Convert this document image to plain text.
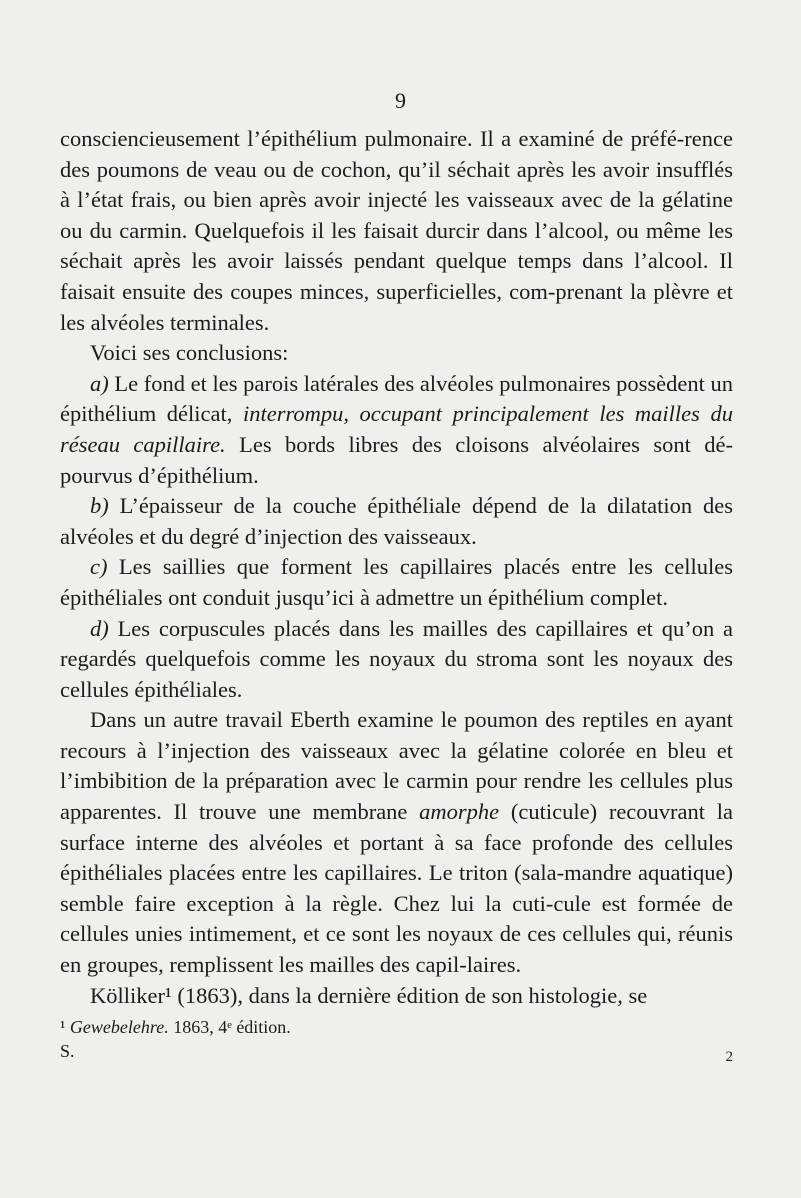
9

consciencieusement l’épithélium pulmonaire. Il a examiné de préfé-rence des poumons de veau ou de cochon, qu’il séchait après les avoir insufflés à l’état frais, ou bien après avoir injecté les vaisseaux avec de la gélatine ou du carmin. Quelquefois il les faisait durcir dans l’alcool, ou même les séchait après les avoir laissés pendant quelque temps dans l’alcool. Il faisait ensuite des coupes minces, superficielles, com-prenant la plèvre et les alvéoles terminales.

Voici ses conclusions:

a) Le fond et les parois latérales des alvéoles pulmonaires possèdent un épithélium délicat, interrompu, occupant principalement les mailles du réseau capillaire. Les bords libres des cloisons alvéolaires sont dé-pourvus d’épithélium.

b) L’épaisseur de la couche épithéliale dépend de la dilatation des alvéoles et du degré d’injection des vaisseaux.

c) Les saillies que forment les capillaires placés entre les cellules épithéliales ont conduit jusqu’ici à admettre un épithélium complet.

d) Les corpuscules placés dans les mailles des capillaires et qu’on a regardés quelquefois comme les noyaux du stroma sont les noyaux des cellules épithéliales.

Dans un autre travail Eberth examine le poumon des reptiles en ayant recours à l’injection des vaisseaux avec la gélatine colorée en bleu et l’imbibition de la préparation avec le carmin pour rendre les cellules plus apparentes. Il trouve une membrane amorphe (cuticule) recouvrant la surface interne des alvéoles et portant à sa face profonde des cellules épithéliales placées entre les capillaires. Le triton (sala-mandre aquatique) semble faire exception à la règle. Chez lui la cuti-cule est formée de cellules unies intimement, et ce sont les noyaux de ces cellules qui, réunis en groupes, remplissent les mailles des capil-laires.

Kölliker¹ (1863), dans la dernière édition de son histologie, se

¹ Gewebelehre. 1863, 4ᵉ édition.

S.	2
